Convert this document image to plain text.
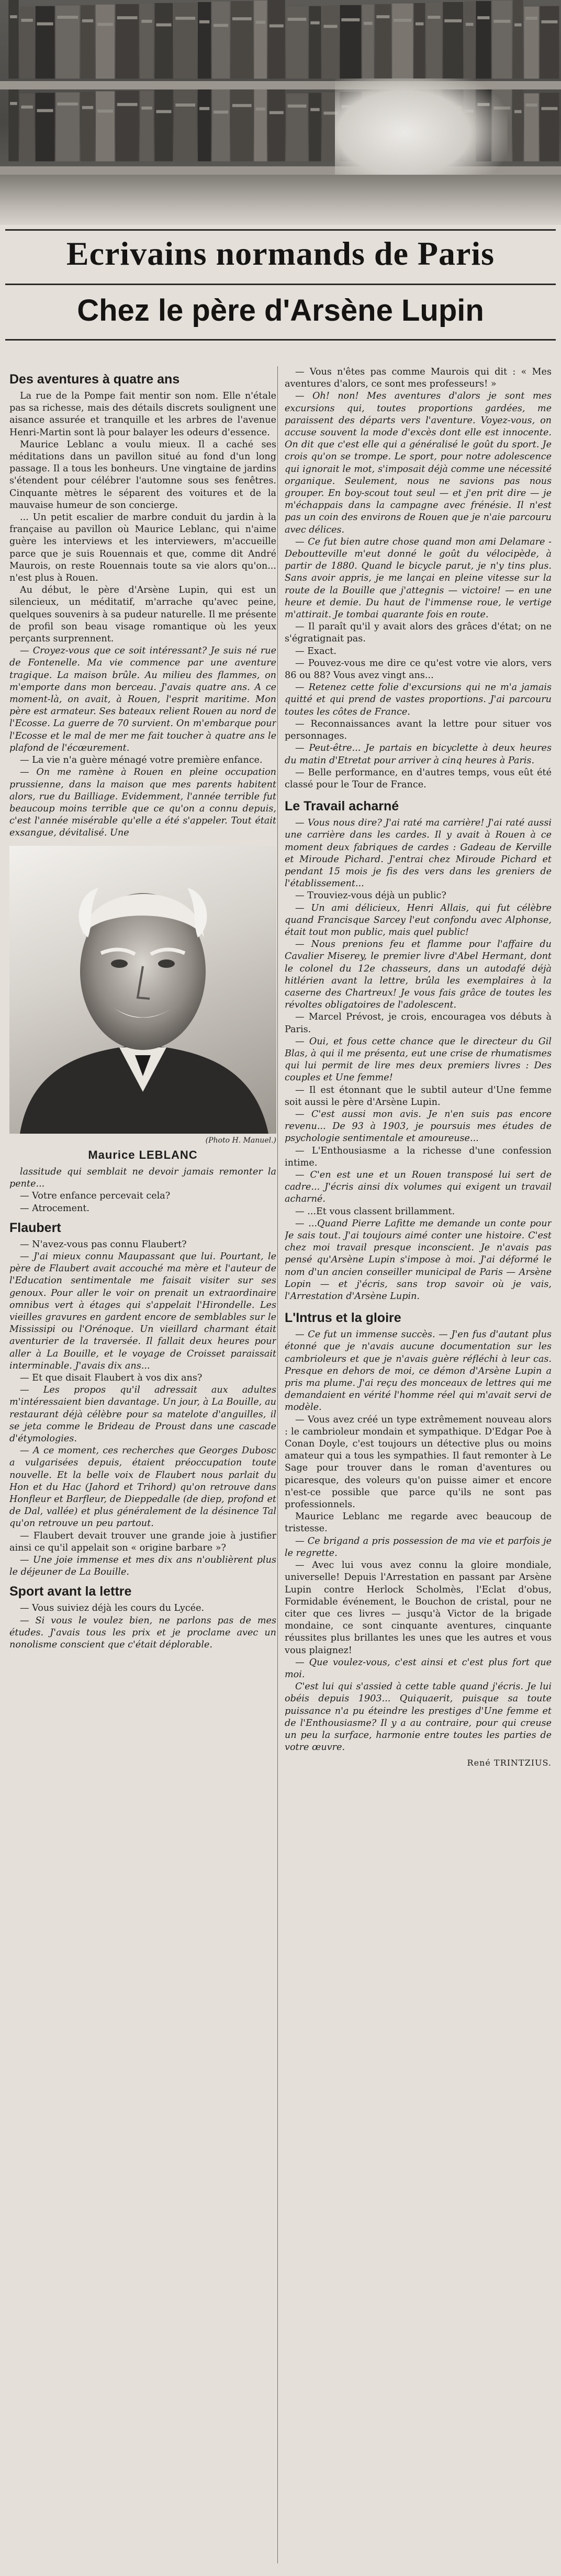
Ecrivains normands de Paris
Chez le père d'Arsène Lupin
Des aventures à quatre ans

La rue de la Pompe fait mentir son nom. Elle n'étale pas sa richesse, mais des détails discrets soulignent une aisance assurée et tranquille et les arbres de l'avenue Henri-Martin sont là pour balayer les odeurs d'essence.

Maurice Leblanc a voulu mieux. Il a caché ses méditations dans un pavillon situé au fond d'un long passage. Il a tous les bonheurs. Une vingtaine de jardins s'étendent pour célébrer l'automne sous ses fenêtres. Cinquante mètres le séparent des voitures et de la mauvaise humeur de son concierge.

... Un petit escalier de marbre conduit du jardin à la française au pavillon où Maurice Leblanc, qui n'aime guère les interviews et les interviewers, m'accueille parce que je suis Rouennais et que, comme dit André Maurois, on reste Rouennais toute sa vie alors qu'on... n'est plus à Rouen.

Au début, le père d'Arsène Lupin, qui est un silencieux, un méditatif, m'arrache qu'avec peine, quelques souvenirs à sa pudeur naturelle. Il me présente de profil son beau visage romantique où les yeux perçants surprennent.

— Croyez-vous que ce soit intéressant? Je suis né rue de Fontenelle. Ma vie commence par une aventure tragique. La maison brûle. Au milieu des flammes, on m'emporte dans mon berceau. J'avais quatre ans. A ce moment-là, on avait, à Rouen, l'esprit maritime. Mon père est armateur. Ses bateaux relient Rouen au nord de l'Ecosse. La guerre de 70 survient. On m'embarque pour l'Ecosse et le mal de mer me fait toucher à quatre ans le plafond de l'écœurement.

— La vie n'a guère ménagé votre première enfance.

— On me ramène à Rouen en pleine occupation prussienne, dans la maison que mes parents habitent alors, rue du Bailliage. Evidemment, l'année terrible fut beaucoup moins terrible que ce qu'on a connu depuis, c'est l'année misérable qu'elle a été s'appeler. Tout était exsangue, dévitalisé. Une

(Photo H. Manuel.)
Maurice LEBLANC

lassitude qui semblait ne devoir jamais remonter la pente...

— Votre enfance percevait cela?

— Atrocement.

Flaubert

— N'avez-vous pas connu Flaubert?

— J'ai mieux connu Maupassant que lui. Pourtant, le père de Flaubert avait accouché ma mère et l'auteur de l'Education sentimentale me faisait visiter sur ses genoux. Pour aller le voir on prenait un extraordinaire omnibus vert à étages qui s'appelait l'Hirondelle. Les vieilles gravures en gardent encore de semblables sur le Mississipi ou l'Orénoque. Un vieillard charmant était aventurier de la traversée. Il fallait deux heures pour aller à La Bouille, et le voyage de Croisset paraissait interminable. J'avais dix ans...

— Et que disait Flaubert à vos dix ans?

— Les propos qu'il adressait aux adultes m'intéressaient bien davantage. Un jour, à La Bouille, au restaurant déjà célèbre pour sa matelote d'anguilles, il se jeta comme le Brideau de Proust dans une cascade d'étymologies.

— A ce moment, ces recherches que Georges Dubosc a vulgarisées depuis, étaient préoccupation toute nouvelle. Et la belle voix de Flaubert nous parlait du Hon et du Hac (Jahord et Trihord) qu'on retrouve dans Honfleur et Barfleur, de Dieppedalle (de diep, profond et de Dal, vallée) et plus généralement de la désinence Tal qu'on retrouve un peu partout.

— Flaubert devait trouver une grande joie à justifier ainsi ce qu'il appelait son « origine barbare »?

— Une joie immense et mes dix ans n'oublièrent plus le déjeuner de La Bouille.

Sport avant la lettre

— Vous suiviez déjà les cours du Lycée.

— Si vous le voulez bien, ne parlons pas de mes études. J'avais tous les prix et je proclame avec un nonolisme conscient que c'était déplorable.

— Vous n'êtes pas comme Maurois qui dit : « Mes aventures d'alors, ce sont mes professeurs! »

— Oh! non! Mes aventures d'alors je sont mes excursions qui, toutes proportions gardées, me paraissent des départs vers l'aventure. Voyez-vous, on accuse souvent la mode d'excès dont elle est innocente. On dit que c'est elle qui a généralisé le goût du sport. Je crois qu'on se trompe. Le sport, pour notre adolescence qui ignorait le mot, s'imposait déjà comme une nécessité organique. Seulement, nous ne savions pas nous grouper. En boy-scout tout seul — et j'en prit dire — je m'échappais dans la campagne avec frénésie. Il n'est pas un coin des environs de Rouen que je n'aie parcouru avec délices.

— Ce fut bien autre chose quand mon ami Delamare - Deboutteville m'eut donné le goût du vélocipède, à partir de 1880. Quand le bicycle parut, je n'y tins plus. Sans avoir appris, je me lançai en pleine vitesse sur la route de la Bouille que j'attegnis — victoire! — en une heure et demie. Du haut de l'immense roue, le vertige m'attirait. Je tombai quarante fois en route.

— Il paraît qu'il y avait alors des grâces d'état; on ne s'égratignait pas.

— Exact.

— Pouvez-vous me dire ce qu'est votre vie alors, vers 86 ou 88? Vous avez vingt ans...

— Retenez cette folie d'excursions qui ne m'a jamais quitté et qui prend de vastes proportions. J'ai parcouru toutes les côtes de France.

— Reconnaissances avant la lettre pour situer vos personnages.

— Peut-être... Je partais en bicyclette à deux heures du matin d'Etretat pour arriver à cinq heures à Paris.

— Belle performance, en d'autres temps, vous eût été classé pour le Tour de France.

Le Travail acharné

— Vous nous dire? J'ai raté ma carrière! J'ai raté aussi une carrière dans les cardes. Il y avait à Rouen à ce moment deux fabriques de cardes : Gadeau de Kerville et Miroude Pichard. J'entrai chez Miroude Pichard et pendant 15 mois je fis des vers dans les greniers de l'établissement...

— Trouviez-vous déjà un public?

— Un ami délicieux, Henri Allais, qui fut célèbre quand Francisque Sarcey l'eut confondu avec Alphonse, était tout mon public, mais quel public!

— Nous prenions feu et flamme pour l'affaire du Cavalier Miserey, le premier livre d'Abel Hermant, dont le colonel du 12e chasseurs, dans un autodafé déjà hitlérien avant la lettre, brûla les exemplaires à la caserne des Chartreux! Je vous fais grâce de toutes les révoltes obligatoires de l'adolescent.

— Marcel Prévost, je crois, encouragea vos débuts à Paris.

— Oui, et fous cette chance que le directeur du Gil Blas, à qui il me présenta, eut une crise de rhumatismes qui lui permit de lire mes deux premiers livres : Des couples et Une femme!

— Il est étonnant que le subtil auteur d'Une femme soit aussi le père d'Arsène Lupin.

— C'est aussi mon avis. Je n'en suis pas encore revenu... De 93 à 1903, je poursuis mes études de psychologie sentimentale et amoureuse...

— L'Enthousiasme a la richesse d'une confession intime.

— C'en est une et un Rouen transposé lui sert de cadre... J'écris ainsi dix volumes qui exigent un travail acharné.

— ...Et vous classent brillamment.

— ...Quand Pierre Lafitte me demande un conte pour Je sais tout. J'ai toujours aimé conter une histoire. C'est chez moi travail presque inconscient. Je n'avais pas pensé qu'Arsène Lupin s'impose à moi. J'ai déformé le nom d'un ancien conseiller municipal de Paris — Arsène Lopin — et j'écris, sans trop savoir où je vais, l'Arrestation d'Arsène Lupin.

L'Intrus et la gloire

— Ce fut un immense succès. — J'en fus d'autant plus étonné que je n'avais aucune documentation sur les cambrioleurs et que je n'avais guère réfléchi à leur cas. Presque en dehors de moi, ce démon d'Arsène Lupin a pris ma plume. J'ai reçu des monceaux de lettres qui me demandaient en vérité l'homme réel qui m'avait servi de modèle.

— Vous avez créé un type extrêmement nouveau alors : le cambrioleur mondain et sympathique. D'Edgar Poe à Conan Doyle, c'est toujours un détective plus ou moins amateur qui a tous les sympathies. Il faut remonter à Le Sage pour trouver dans le roman d'aventures ou picaresque, des voleurs qu'on puisse aimer et encore n'est-ce possible que parce qu'ils ne sont pas professionnels.

Maurice Leblanc me regarde avec beaucoup de tristesse.

— Ce brigand a pris possession de ma vie et parfois je le regrette.

— Avec lui vous avez connu la gloire mondiale, universelle! Depuis l'Arrestation en passant par Arsène Lupin contre Herlock Scholmès, l'Eclat d'obus, Formidable événement, le Bouchon de cristal, pour ne citer que ces livres — jusqu'à Victor de la brigade mondaine, ce sont cinquante aventures, cinquante réussites plus brillantes les unes que les autres et vous vous plaignez!

— Que voulez-vous, c'est ainsi et c'est plus fort que moi.

C'est lui qui s'assied à cette table quand j'écris. Je lui obéis depuis 1903... Quiquaerit, puisque sa toute puissance n'a pu éteindre les prestiges d'Une femme et de l'Enthousiasme? Il y a au contraire, pour qui creuse un peu la surface, harmonie entre toutes les parties de votre œuvre.

René TRINTZIUS.
